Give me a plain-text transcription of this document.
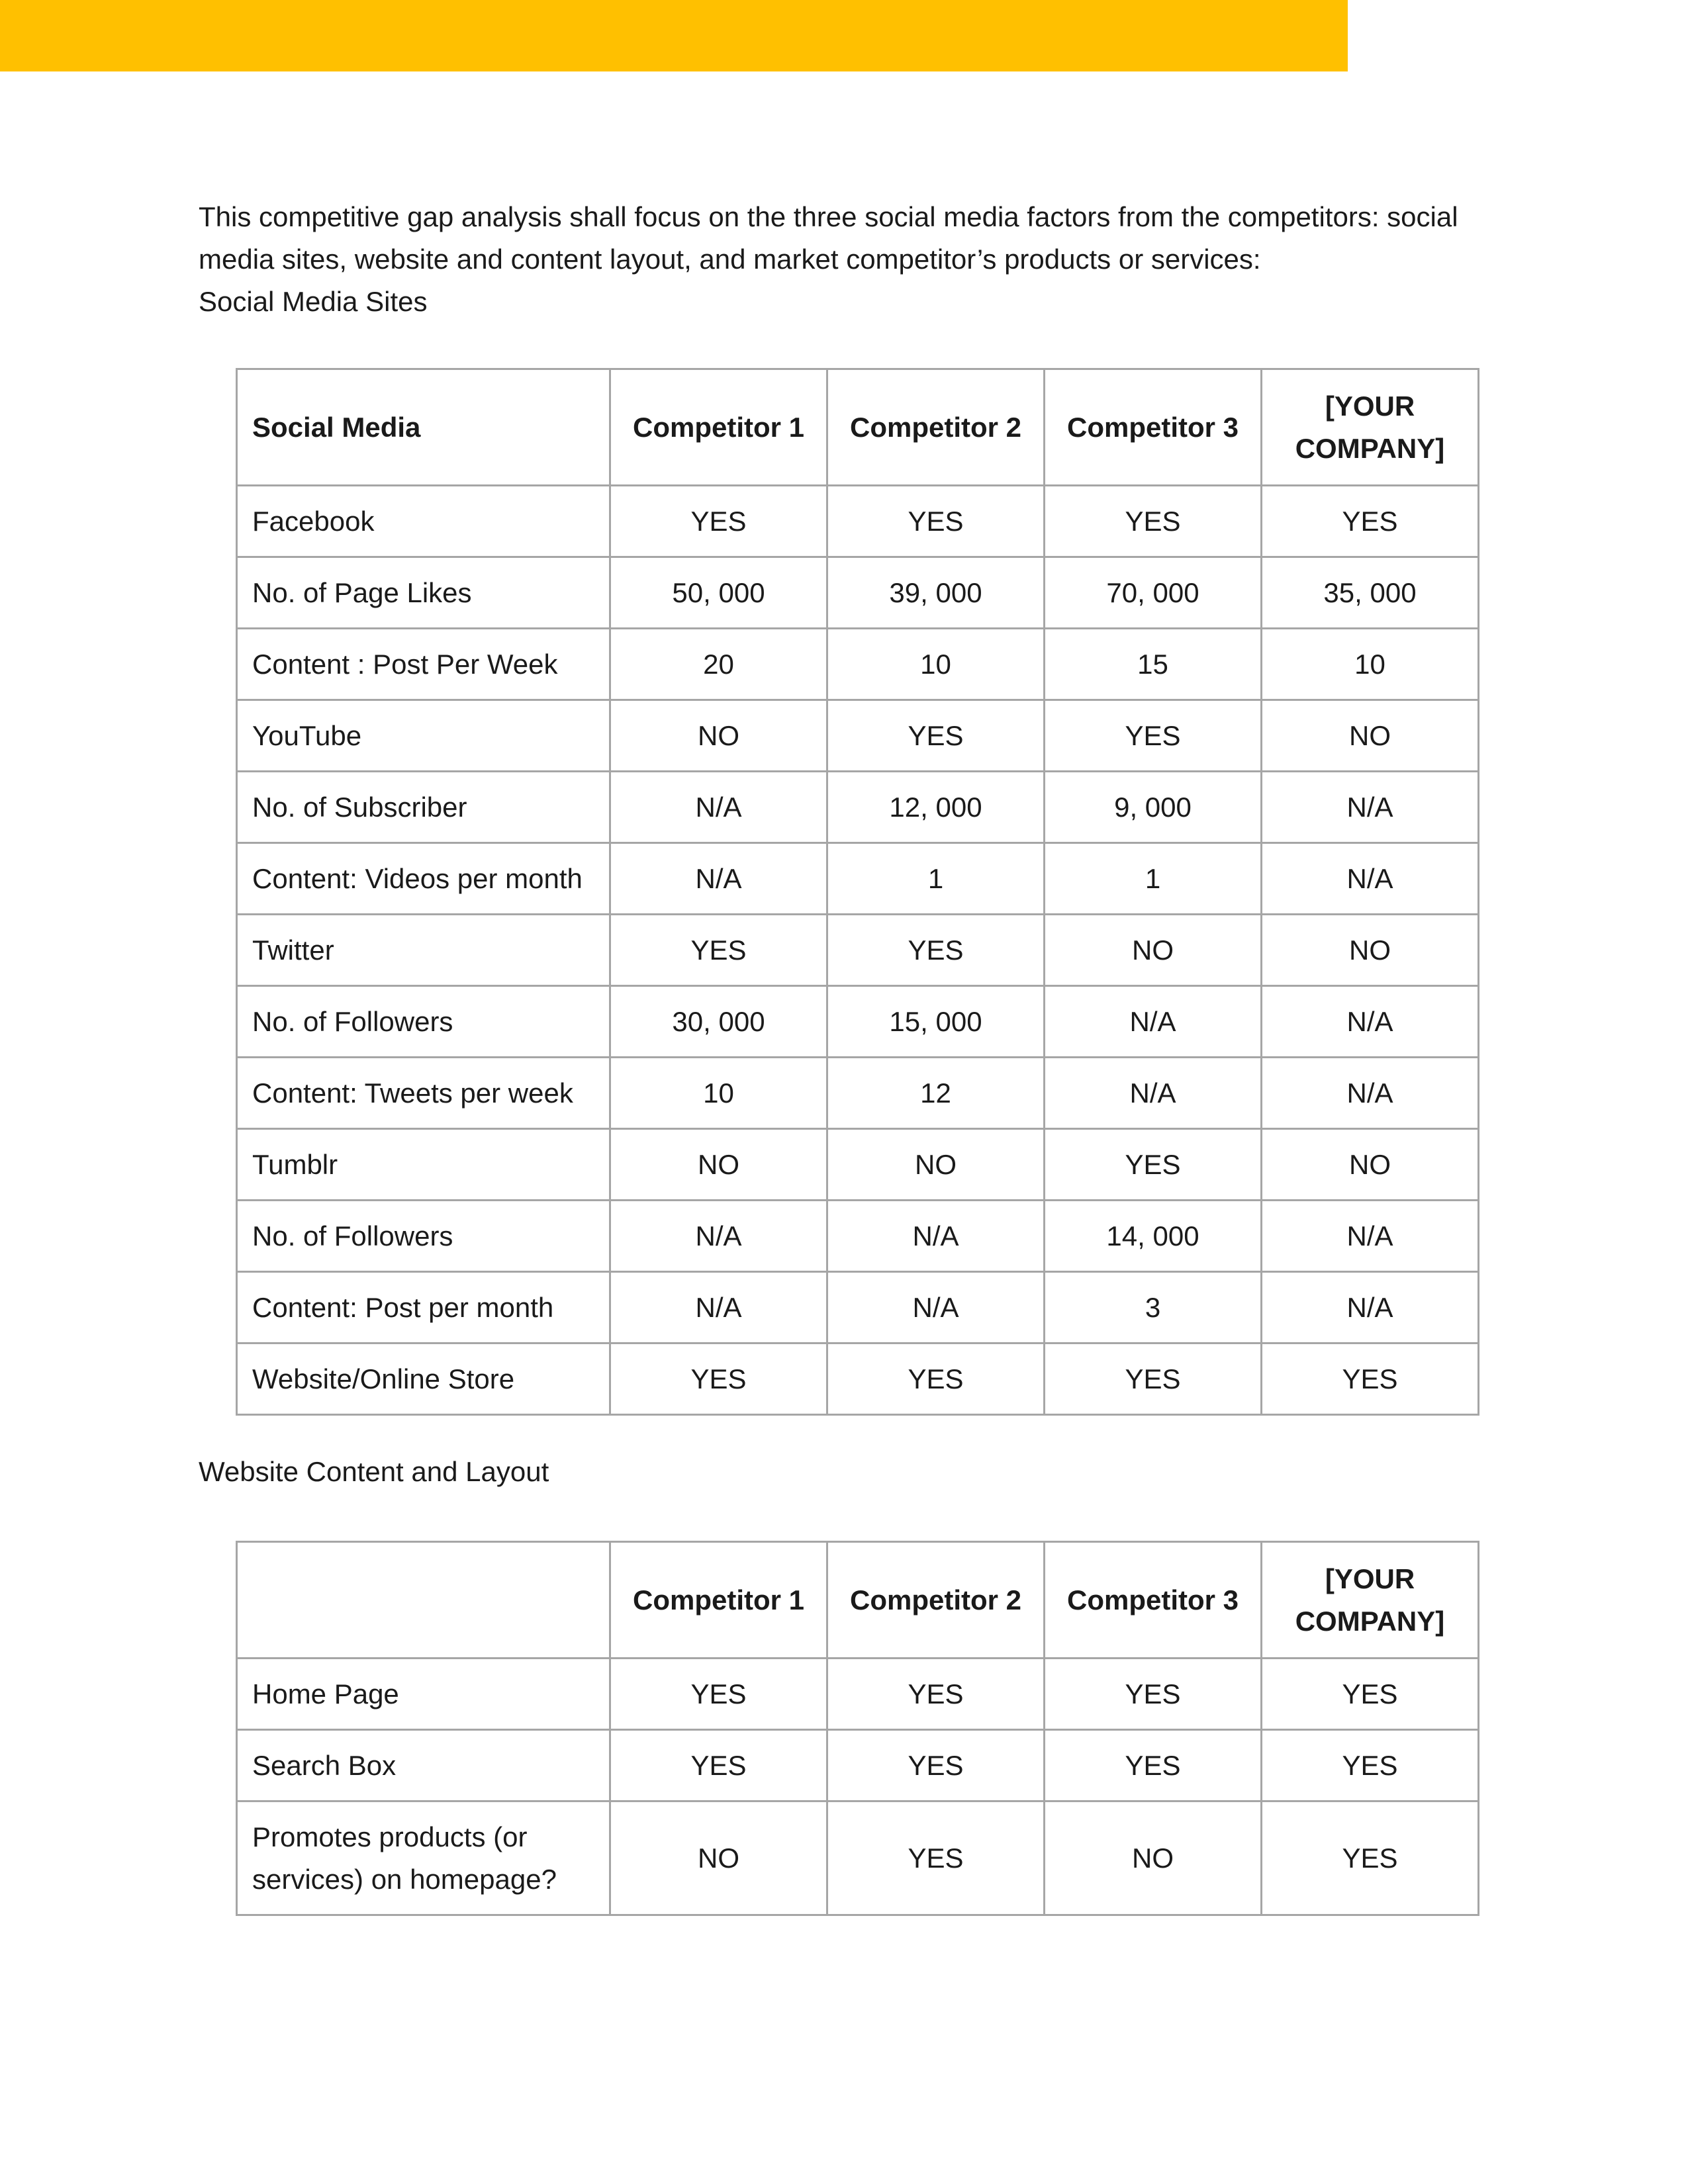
This competitive gap analysis shall focus on the three social media factors from the competitors: social media sites, website and content layout, and market competitor’s products or services:

Social Media Sites

Social Media	Competitor 1	Competitor 2	Competitor 3	[YOUR COMPANY]
Facebook	YES	YES	YES	YES
No. of Page Likes	50, 000	39, 000	70, 000	35, 000
Content : Post Per Week	20	10	15	10
YouTube	NO	YES	YES	NO
No. of Subscriber	N/A	12, 000	9, 000	N/A
Content: Videos per month	N/A	1	1	N/A
Twitter	YES	YES	NO	NO
No. of Followers	30, 000	15, 000	N/A	N/A
Content: Tweets per week	10	12	N/A	N/A
Tumblr	NO	NO	YES	NO
No. of Followers	N/A	N/A	14, 000	N/A
Content: Post per month	N/A	N/A	3	N/A
Website/Online Store	YES	YES	YES	YES

Website Content and Layout

	Competitor 1	Competitor 2	Competitor 3	[YOUR COMPANY]
Home Page	YES	YES	YES	YES
Search Box	YES	YES	YES	YES
Promotes products (or services) on homepage?	NO	YES	NO	YES
